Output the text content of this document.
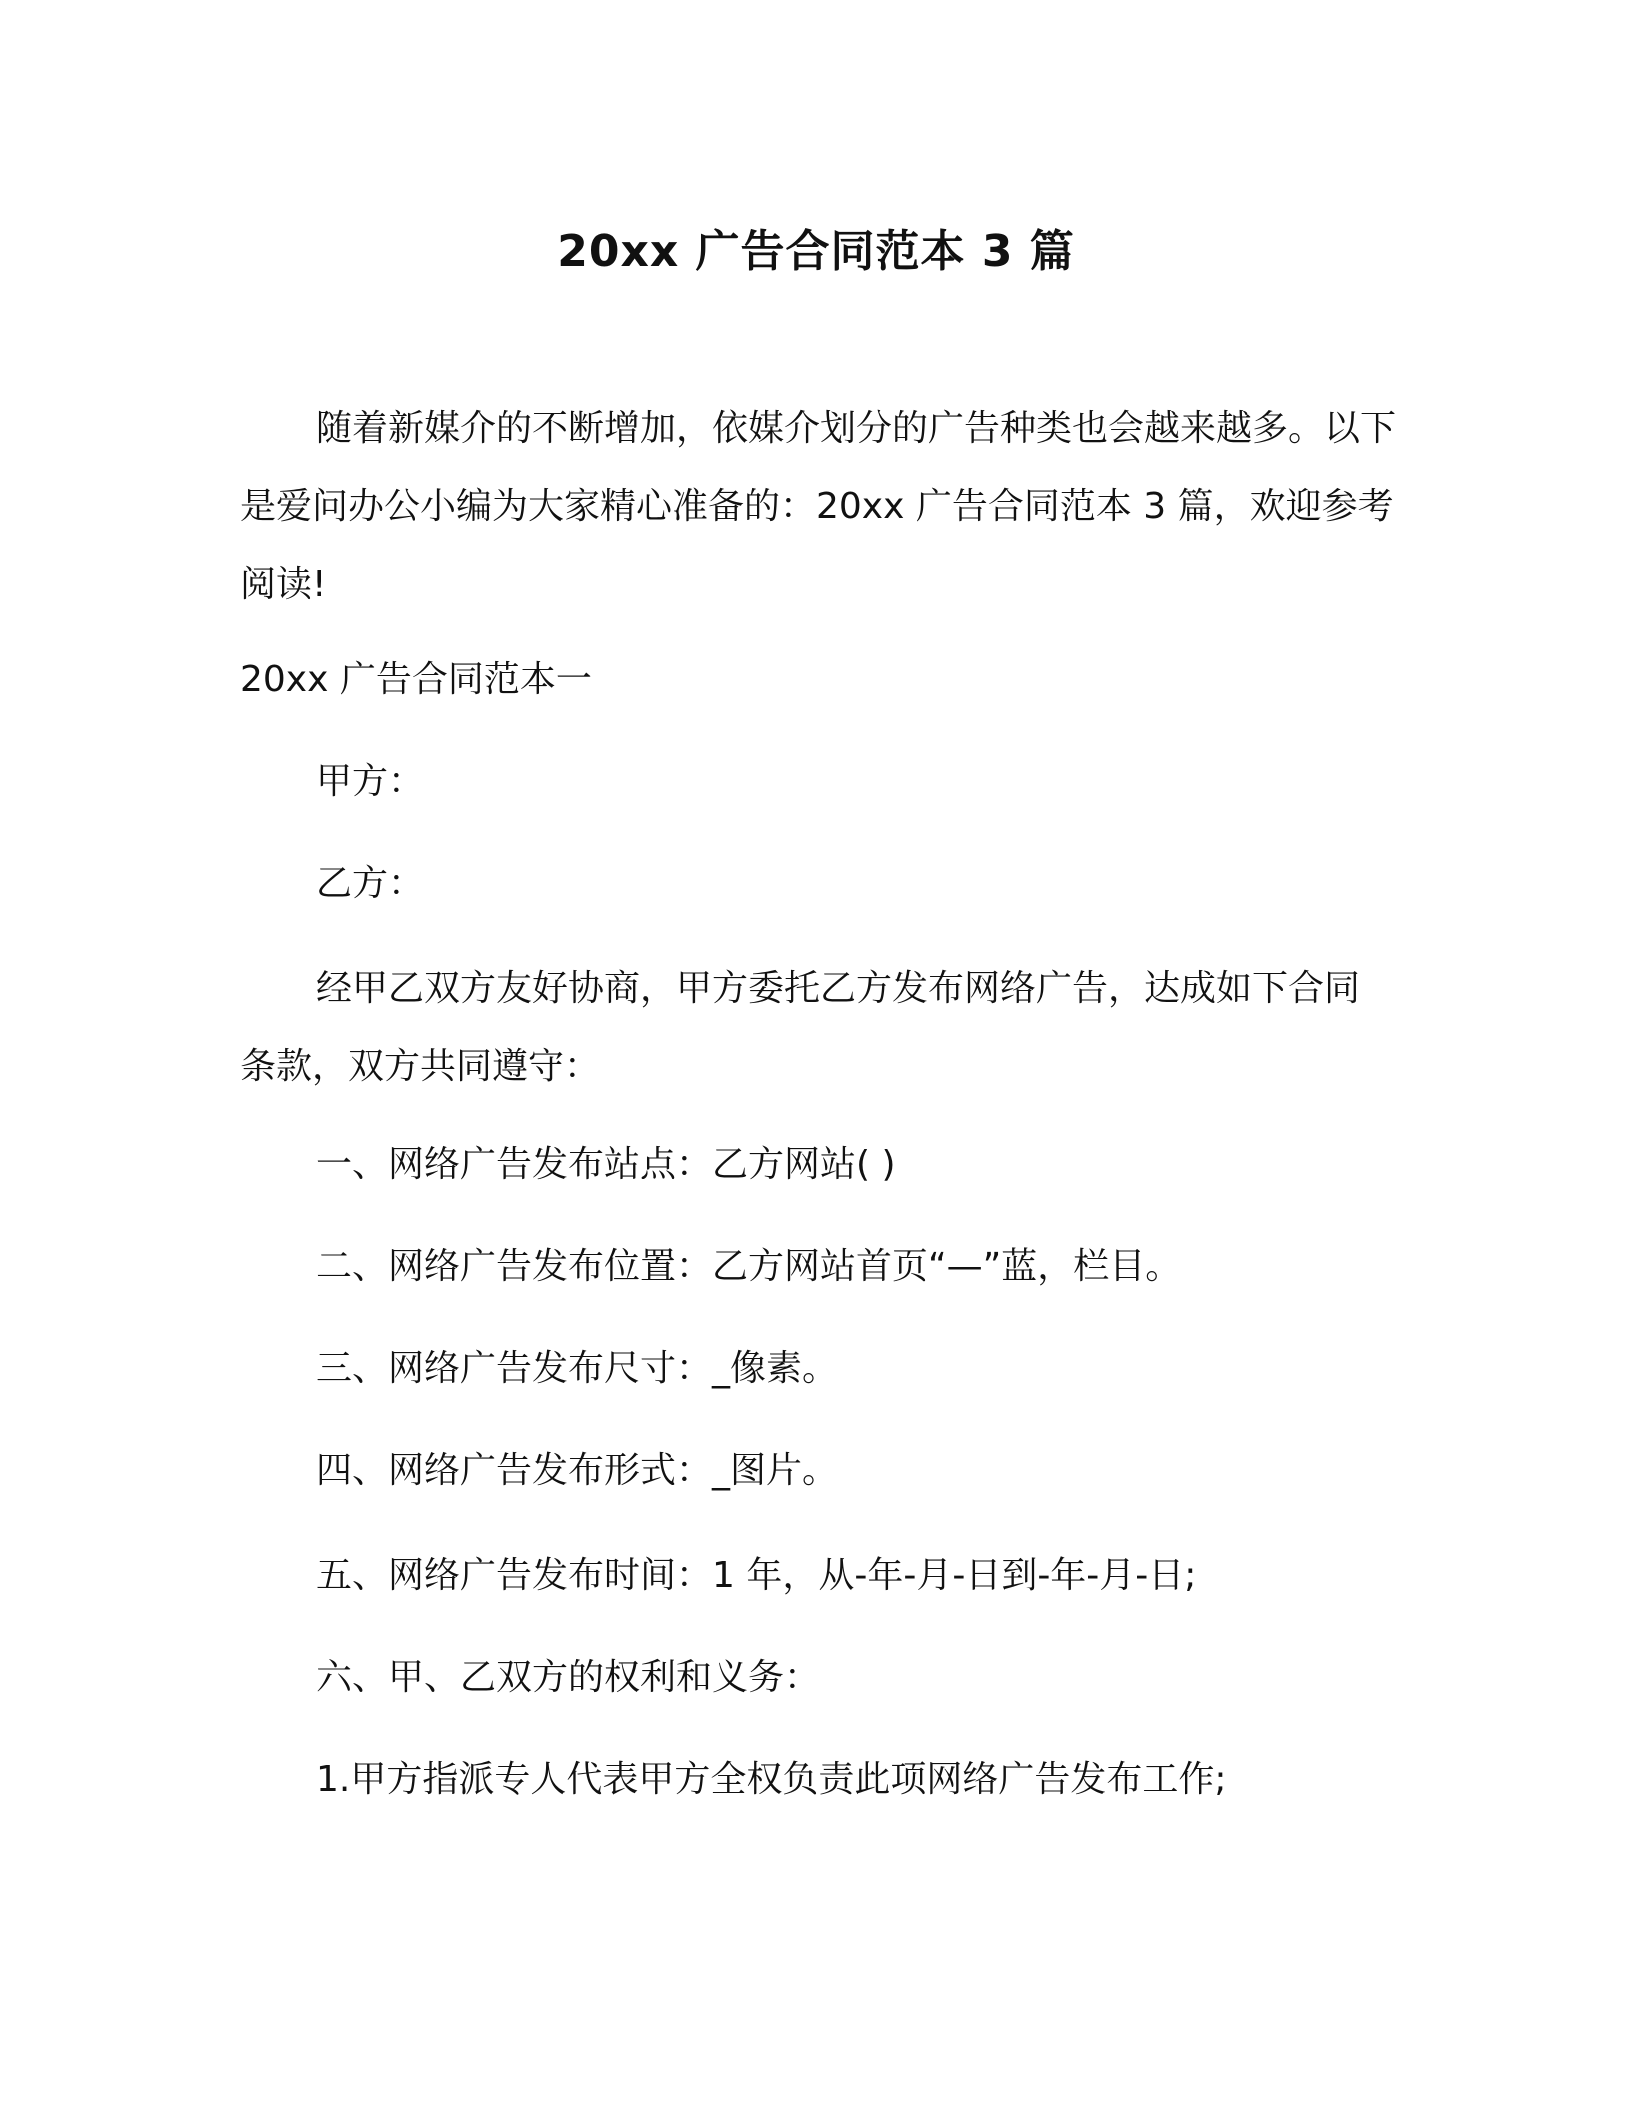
20xx 广告合同范本 3 篇

随着新媒介的不断增加，依媒介划分的广告种类也会越来越多。以下是爱问办公小编为大家精心准备的：20xx 广告合同范本 3 篇，欢迎参考阅读!

20xx 广告合同范本一

甲方：

乙方：

经甲乙双方友好协商，甲方委托乙方发布网络广告，达成如下合同条款，双方共同遵守：

一、网络广告发布站点：乙方网站( )

二、网络广告发布位置：乙方网站首页“—”蓝，栏目。

三、网络广告发布尺寸：_像素。

四、网络广告发布形式：_图片。

五、网络广告发布时间：1 年，从-年-月-日到-年-月-日;

六、甲、乙双方的权利和义务：

1.甲方指派专人代表甲方全权负责此项网络广告发布工作;
